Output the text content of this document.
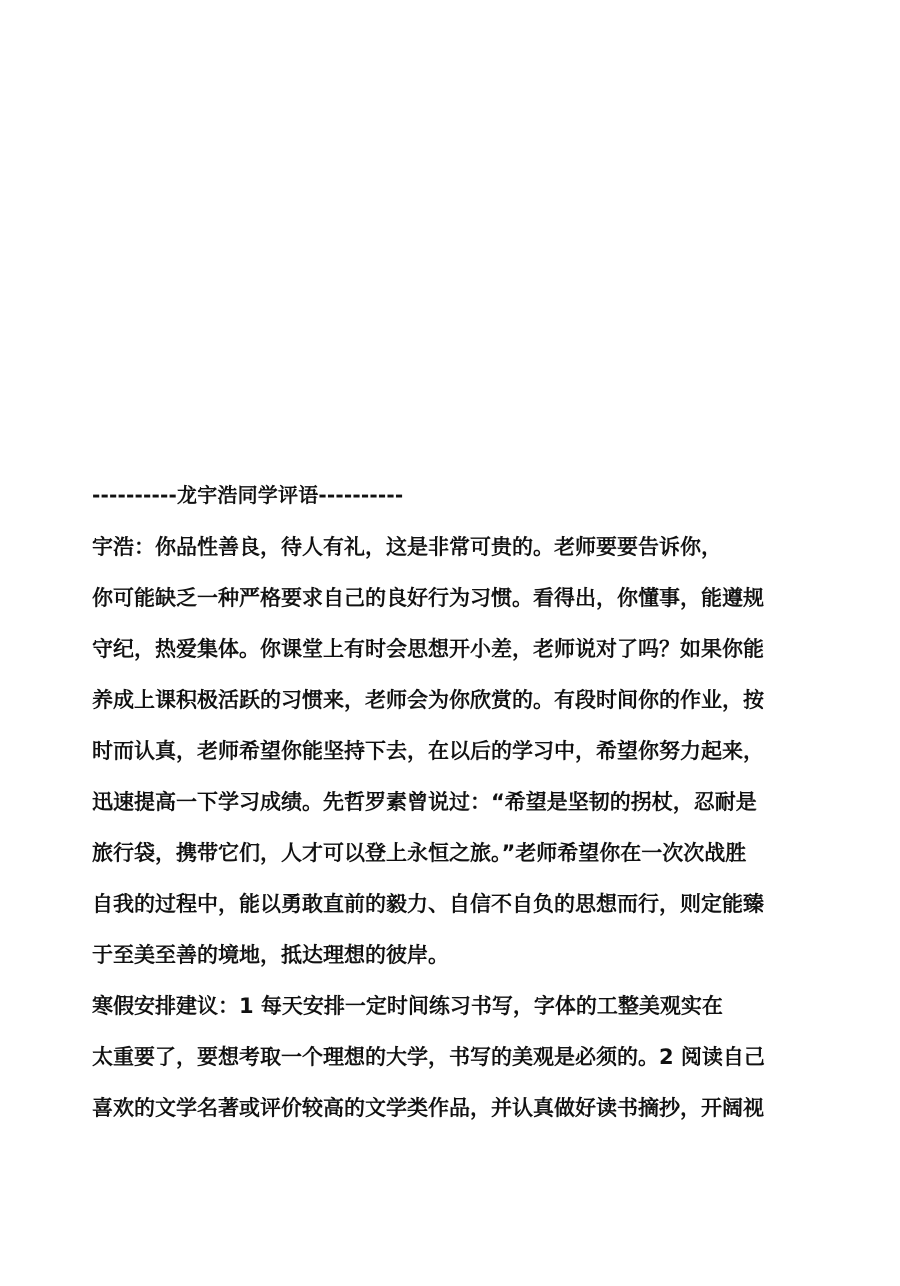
----------龙宇浩同学评语----------
宇浩：你品性善良，待人有礼，这是非常可贵的。老师要要告诉你，
你可能缺乏一种严格要求自己的良好行为习惯。看得出，你懂事，能遵规
守纪，热爱集体。你课堂上有时会思想开小差，老师说对了吗？如果你能
养成上课积极活跃的习惯来，老师会为你欣赏的。有段时间你的作业，按
时而认真，老师希望你能坚持下去，在以后的学习中，希望你努力起来，
迅速提高一下学习成绩。先哲罗素曾说过：“希望是坚韧的拐杖，忍耐是
旅行袋，携带它们，人才可以登上永恒之旅。”老师希望你在一次次战胜
自我的过程中，能以勇敢直前的毅力、自信不自负的思想而行，则定能臻
于至美至善的境地，抵达理想的彼岸。
寒假安排建议：1 每天安排一定时间练习书写，字体的工整美观实在
太重要了，要想考取一个理想的大学，书写的美观是必须的。2 阅读自己
喜欢的文学名著或评价较高的文学类作品，并认真做好读书摘抄，开阔视
